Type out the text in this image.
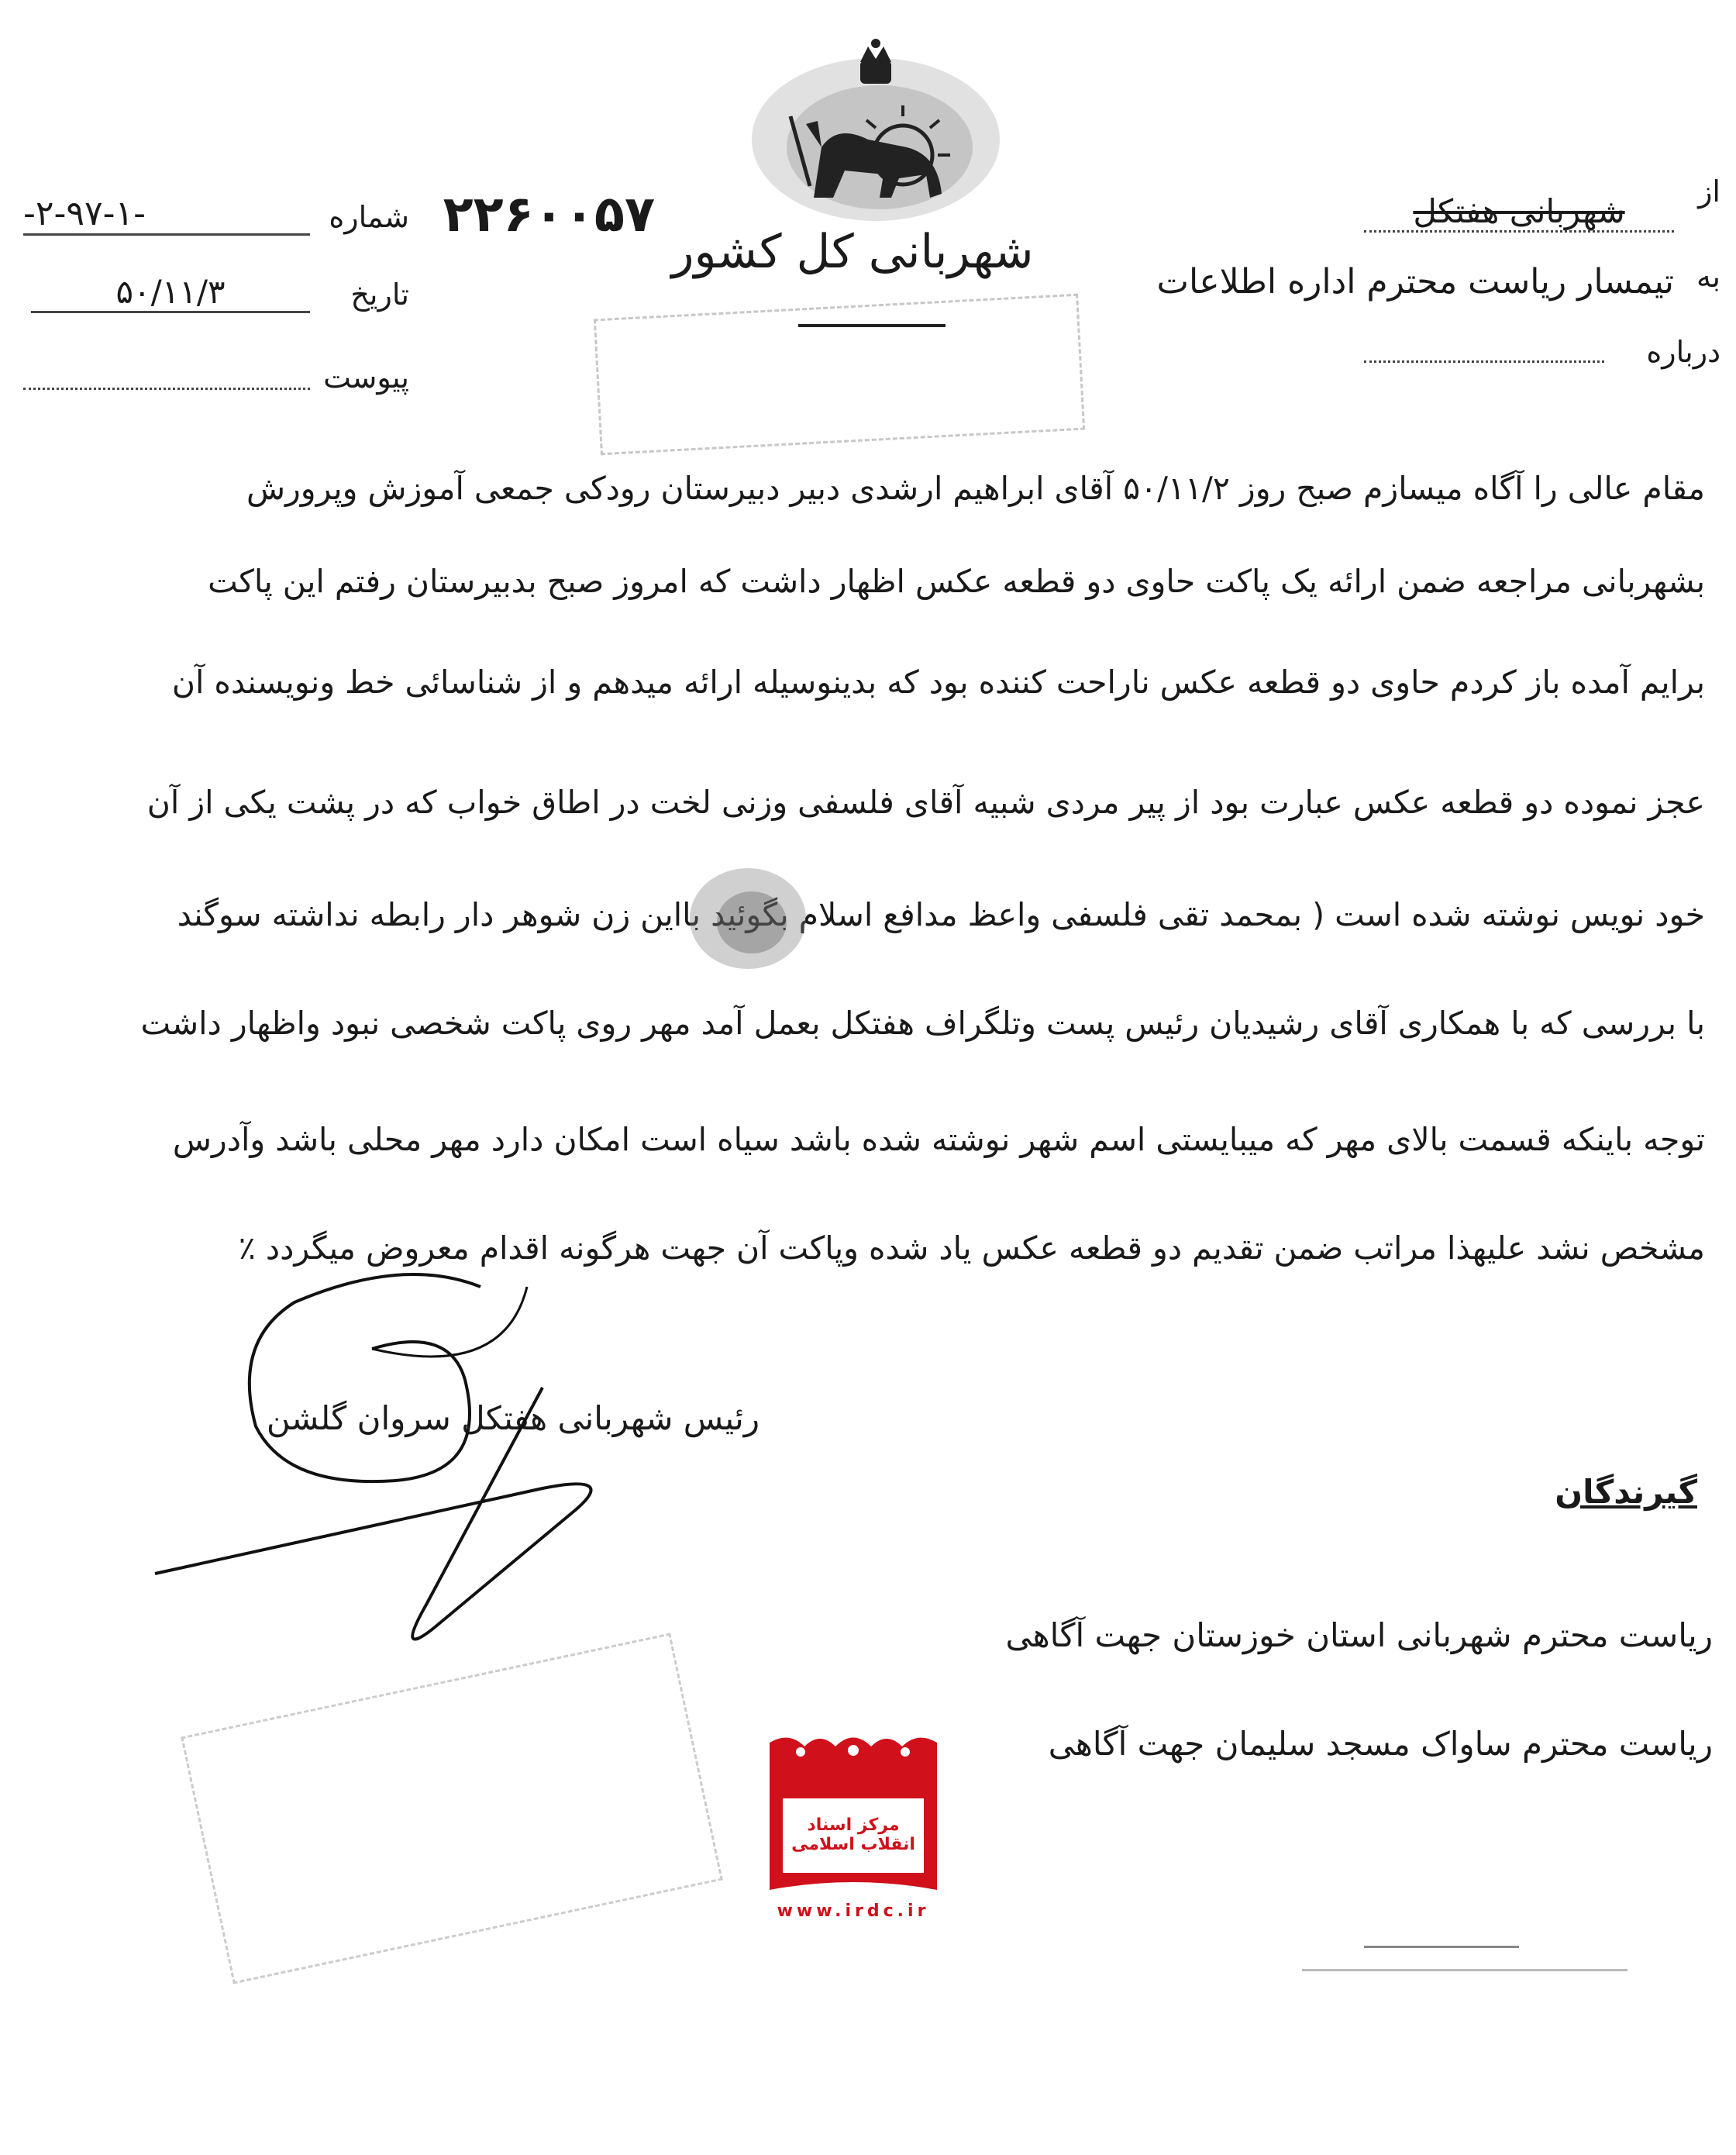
شهربانی کل کشور
۲۲۶۰۰۵۷
شماره
-۲-۹۷-۱-
تاریخ
۵۰/۱۱/۳
پیوست
از
شهربانی هفتکل
به
تیمسار ریاست محترم اداره اطلاعات
درباره
مقام عالی را آگاه میسازم صبح روز ۵۰/۱۱/۲ آقای ابراهیم ارشدی دبیر دبیرستان رودکی جمعی آموزش وپرورش
بشهربانی مراجعه ضمن ارائه یک پاکت حاوی دو قطعه عکس اظهار داشت که امروز صبح بدبیرستان رفتم این پاکت
برایم آمده باز کردم حاوی دو قطعه عکس ناراحت کننده بود که بدینوسیله ارائه میدهم و از شناسائی خط ونویسنده آن
عجز نموده دو قطعه عکس عبارت بود از پیر مردی شبیه آقای فلسفی وزنی لخت در اطاق خواب که در پشت یکی از آن
خود نویس نوشته شده است ( بمحمد تقی فلسفی واعظ مدافع اسلام بگوئید بااین زن شوهر دار رابطه نداشته سوگند
با بررسی که با همکاری آقای رشیدیان رئیس پست وتلگراف هفتکل بعمل آمد مهر روی پاکت شخصی نبود واظهار داشت
توجه باینکه قسمت بالای مهر که میبایستی اسم شهر نوشته شده باشد سیاه است امکان دارد مهر محلی باشد وآدرس
مشخص نشد علیهذا مراتب ضمن تقدیم دو قطعه عکس یاد شده وپاکت آن جهت هرگونه اقدام معروض میگردد ٪
رئیس شهربانی هفتکل سروان گلشن
گیرندگان
ریاست محترم شهربانی استان خوزستان جهت آگاهی
ریاست محترم ساواک مسجد سلیمان جهت آگاهی
مرکز اسناد انقلاب اسلامی
www.irdc.ir
